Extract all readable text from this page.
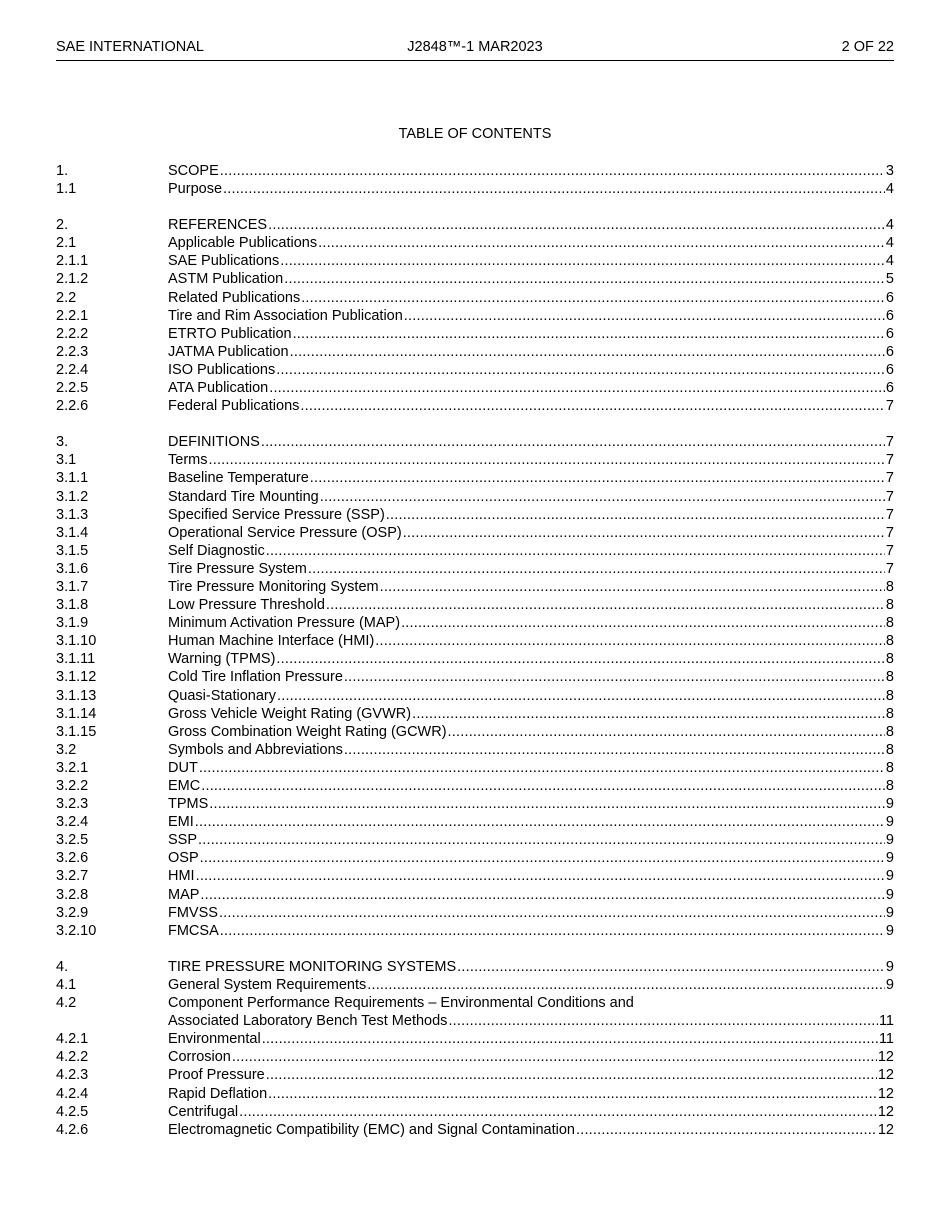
SAE INTERNATIONAL	J2848™-1 MAR2023	2 OF 22
TABLE OF CONTENTS
1.	SCOPE .....	3
1.1	Purpose .....	4
2.	REFERENCES .....	4
2.1	Applicable Publications .....	4
2.1.1	SAE Publications .....	4
2.1.2	ASTM Publication .....	5
2.2	Related Publications .....	6
2.2.1	Tire and Rim Association Publication .....	6
2.2.2	ETRTO Publication .....	6
2.2.3	JATMA Publication .....	6
2.2.4	ISO Publications .....	6
2.2.5	ATA Publication .....	6
2.2.6	Federal Publications .....	7
3.	DEFINITIONS .....	7
3.1	Terms .....	7
3.1.1	Baseline Temperature .....	7
3.1.2	Standard Tire Mounting .....	7
3.1.3	Specified Service Pressure (SSP) .....	7
3.1.4	Operational Service Pressure (OSP) .....	7
3.1.5	Self Diagnostic .....	7
3.1.6	Tire Pressure System .....	7
3.1.7	Tire Pressure Monitoring System .....	8
3.1.8	Low Pressure Threshold .....	8
3.1.9	Minimum Activation Pressure (MAP) .....	8
3.1.10	Human Machine Interface (HMI) .....	8
3.1.11	Warning (TPMS) .....	8
3.1.12	Cold Tire Inflation Pressure .....	8
3.1.13	Quasi-Stationary .....	8
3.1.14	Gross Vehicle Weight Rating (GVWR) .....	8
3.1.15	Gross Combination Weight Rating (GCWR) .....	8
3.2	Symbols and Abbreviations .....	8
3.2.1	DUT .....	8
3.2.2	EMC .....	8
3.2.3	TPMS .....	9
3.2.4	EMI .....	9
3.2.5	SSP .....	9
3.2.6	OSP .....	9
3.2.7	HMI .....	9
3.2.8	MAP .....	9
3.2.9	FMVSS .....	9
3.2.10	FMCSA .....	9
4.	TIRE PRESSURE MONITORING SYSTEMS .....	9
4.1	General System Requirements .....	9
4.2	Component Performance Requirements – Environmental Conditions and
Associated Laboratory Bench Test Methods .....	11
4.2.1	Environmental .....	11
4.2.2	Corrosion .....	12
4.2.3	Proof Pressure .....	12
4.2.4	Rapid Deflation .....	12
4.2.5	Centrifugal .....	12
4.2.6	Electromagnetic Compatibility (EMC) and Signal Contamination .....	12
